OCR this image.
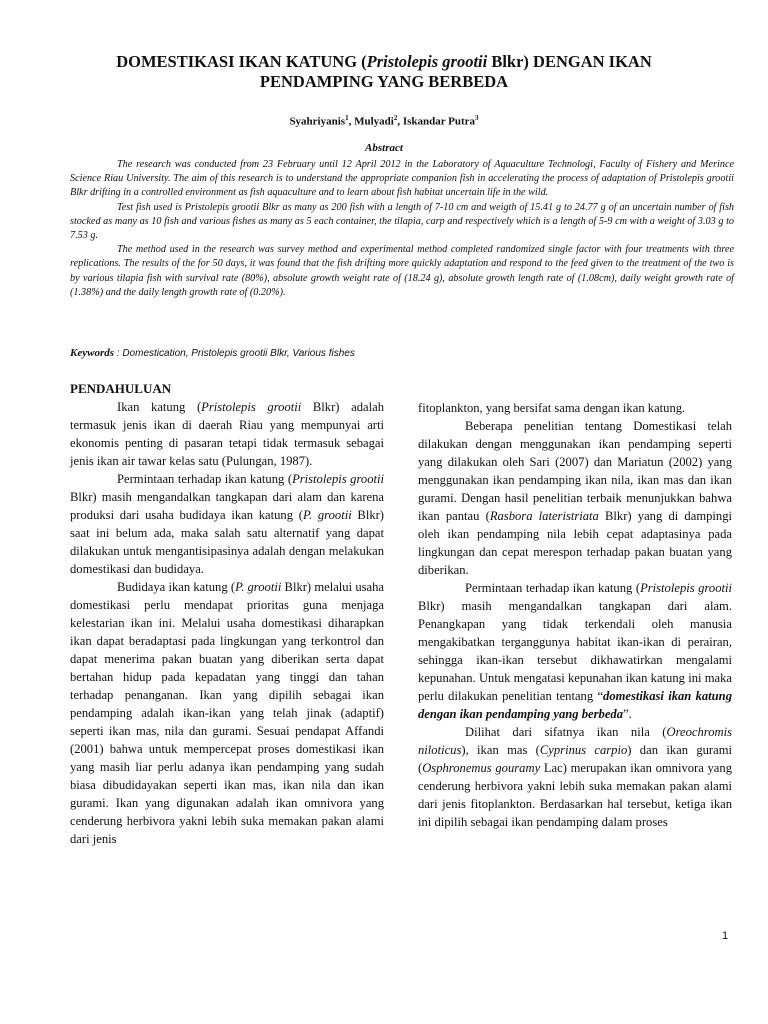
DOMESTIKASI IKAN KATUNG (Pristolepis grootii Blkr) DENGAN IKAN PENDAMPING YANG BERBEDA
Syahriyanis$^1$, Mulyadi$^2$, Iskandar Putra$^3$
Abstract

The research was conducted from 23 February until 12 April 2012 in the Laboratory of Aquaculture Technologi, Faculty of Fishery and Merince Science Riau University. The aim of this research is to understand the appropriate companion fish in accelerating the process of adaptation of Pristolepis grootii Blkr drifting in a controlled environment as fish aquaculture and to learn about fish habitat uncertain life in the wild.

Test fish used is Pristolepis grootii Blkr as many as 200 fish with a length of 7-10 cm and weigth of 15.41 g to 24.77 g of an uncertain number of fish stocked as many as 10 fish and various fishes as many as 5 each container, the tilapia, carp and respectively which is a length of 5-9 cm with a weight of 3.03 g to 7.53 g.

The method used in the research was survey method and experimental method completed randomized single factor with four treatments with three replications. The results of the for 50 days, it was found that the fish drifting more quickly adaptation and respond to the feed given to the treatment of the two is by various tilapia fish with survival rate (80%), absolute growth weight rate of (18.24 g), absolute growth length rate of (1.08cm), daily weight growth rate of (1.38%) and the daily length growth rate of (0.20%).

Keywords : Domestication, Pristolepis grootii Blkr, Various fishes
PENDAHULUAN

Ikan katung (Pristolepis grootii Blkr) adalah termasuk jenis ikan di daerah Riau yang mempunyai arti ekonomis penting di pasaran tetapi tidak termasuk sebagai jenis ikan air tawar kelas satu (Pulungan, 1987).

Permintaan terhadap ikan katung (Pristolepis grootii Blkr) masih mengandalkan tangkapan dari alam dan karena produksi dari usaha budidaya ikan katung (P. grootii Blkr) saat ini belum ada, maka salah satu alternatif yang dapat dilakukan untuk mengantisipasinya adalah dengan melakukan domestikasi dan budidaya.

Budidaya ikan katung (P. grootii Blkr) melalui usaha domestikasi perlu mendapat prioritas guna menjaga kelestarian ikan ini. Melalui usaha domestikasi diharapkan ikan dapat beradaptasi pada lingkungan yang terkontrol dan dapat menerima pakan buatan yang diberikan serta dapat bertahan hidup pada kepadatan yang tinggi dan tahan terhadap penanganan. Ikan yang dipilih sebagai ikan pendamping adalah ikan-ikan yang telah jinak (adaptif) seperti ikan mas, nila dan gurami. Sesuai pendapat Affandi (2001) bahwa untuk mempercepat proses domestikasi ikan yang masih liar perlu adanya ikan pendamping yang sudah biasa dibudidayakan seperti ikan mas, ikan nila dan ikan gurami. Ikan yang digunakan adalah ikan omnivora yang cenderung herbivora yakni lebih suka memakan pakan alami dari jenis

fitoplankton, yang bersifat sama dengan ikan katung.

Beberapa penelitian tentang Domestikasi telah dilakukan dengan menggunakan ikan pendamping seperti yang dilakukan oleh Sari (2007) dan Mariatun (2002) yang menggunakan ikan pendamping ikan nila, ikan mas dan ikan gurami. Dengan hasil penelitian terbaik menunjukkan bahwa ikan pantau (Rasbora lateristriata Blkr) yang di dampingi oleh ikan pendamping nila lebih cepat adaptasinya pada lingkungan dan cepat merespon terhadap pakan buatan yang diberikan.

Permintaan terhadap ikan katung (Pristolepis grootii Blkr) masih mengandalkan tangkapan dari alam. Penangkapan yang tidak terkendali oleh manusia mengakibatkan terganggunya habitat ikan-ikan di perairan, sehingga ikan-ikan tersebut dikhawatirkan mengalami kepunahan. Untuk mengatasi kepunahan ikan katung ini maka perlu dilakukan penelitian tentang “domestikasi ikan katung dengan ikan pendamping yang berbeda”.

Dilihat dari sifatnya ikan nila (Oreochromis niloticus), ikan mas (Cyprinus carpio) dan ikan gurami (Osphronemus gouramy Lac) merupakan ikan omnivora yang cenderung herbivora yakni lebih suka memakan pakan alami dari jenis fitoplankton. Berdasarkan hal tersebut, ketiga ikan ini dipilih sebagai ikan pendamping dalam proses

1
